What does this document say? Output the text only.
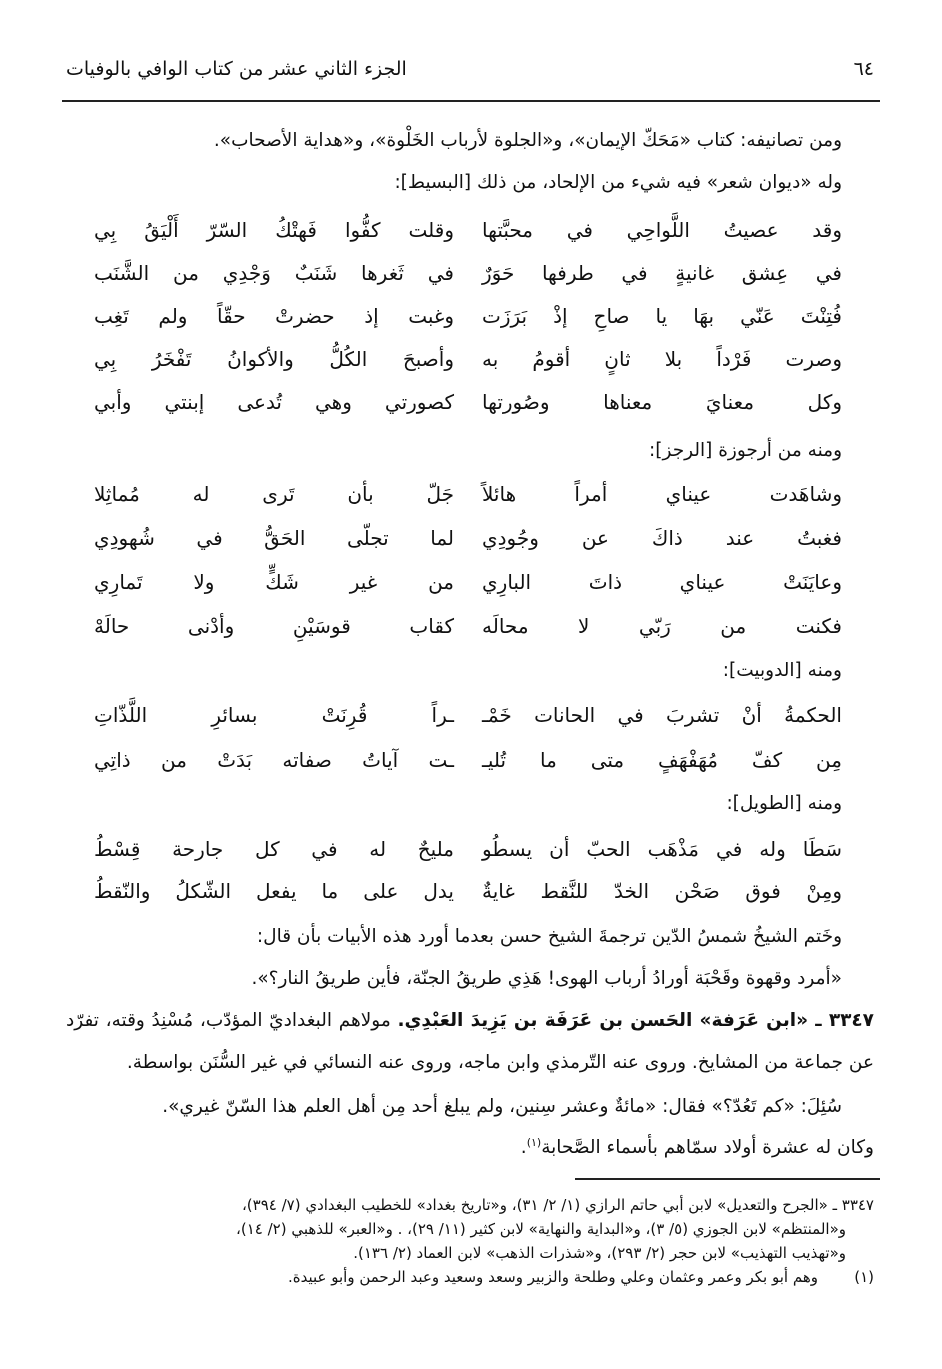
٦٤
الجزء الثاني عشر من كتاب الوافي بالوفيات
ومن تصانيفه: كتاب «مَحَكّ الإيمان»، و«الجلوة لأرباب الخَلْوة»، و«هداية الأصحاب».
وله «ديوان شعر» فيه شيء من الإلحاد، من ذلك [البسيط]:
وقد عصيتُ اللَّواحِي في محبَّتها
وقلت كفُّوا فَهتْكُ السّرّ أَلْيَقُ بِي
في عِشق غانيةٍ في طرفها حَوَرٌ
في ثَغرها شَنَبٌ وَجْدِي من الشَّنَب
فُتِنْتَ عَنّي بهَا يا صاحِ إذْ بَرَزَت
وغبت إذ حضرتْ حقّاً ولم تَغِب
وصرت فَرْداً بلا ثانٍ أقومُ به
وأصبحَ الكُلُّ والأكوانُ تَفْخَرُ بِي
وكل معنايَ معناها وصُورتها
كصورتي وهي تُدعى إبنتي وأبي
ومنه من أرجوزة [الرجز]:
وشاهَدت عيناي أمراً هائلاً
جَلّ بأن تَرى له مُماثِلا
فغبتُ عند ذاكَ عن وجُودِي
لما تجلّى الحَقُّ في شُهودِي
وعايَنَتْ عيناي ذاتَ البارِي
من غير شَكٍّ ولا تَمارِي
فكنت من رَبّي لا محالَه
كقاب قوسَيْنِ وأدْنى حالَهْ
ومنه [الدوبيت]:
الحكمةُ أنْ تشربَ في الحانات خَمْـ
ـراً قُرِنَتْ بسائرِ اللَّذّاتِ
مِن كفّ مُهَفْهَفٍ متى ما تُليـ
ـت آياتُ صفاته بَدَتْ من ذاتِي
ومنه [الطويل]:
سَطَا وله في مَذْهَب الحبّ أن يسطُو
مليحٌ له في كل جارحة قِسْطُ
ومِنْ فوق صَحْن الخدّ للنَّقط غايةٌ
يدل على ما يفعل الشّكلُ والنّقطُ
وخَتم الشيخُ شمسُ الدّين ترجمةَ الشيخ حسن بعدما أورد هذه الأبيات بأن قال:
«أمرد وقهوة وقَحْبَة أورادُ أرباب الهوى! هَذِي طريقُ الجنّة، فأين طريقُ النار؟».
٣٣٤٧ ـ «ابن عَرَفة» الحَسن بن عَرَفَة بن يَزِيدَ العَبْدِي. مولاهم البغداديّ المؤدّب، مُسْنِدُ وقته، تفرّد
عن جماعة من المشايخ. وروى عنه التّرمذي وابن ماجه، وروى عنه النسائي في غير السُّنَن بواسطة.
سُئِلَ: «كم تَعُدّ؟» فقال: «مائةٌ وعشر سِنين، ولم يبلغ أحد مِن أهل العلم هذا السّنّ غيري».
وكان له عشرة أولاد سمّاهم بأسماء الصَّحابة$^{(١)}$.
٣٣٤٧ ـ «الجرح والتعديل» لابن أبي حاتم الرازي (١/ ٢/ ٣١)، و«تاريخ بغداد» للخطيب البغدادي (٧/ ٣٩٤)،
و«المنتظم» لابن الجوزي (٥/ ٣)، و«البداية والنهاية» لابن كثير (١١/ ٢٩)، . و«العبر» للذهبي (٢/ ١٤)،
و«تهذيب التهذيب» لابن حجر (٢/ ٢٩٣)، و«شذرات الذهب» لابن العماد (٢/ ١٣٦).
(١)
وهم أبو بكر وعمر وعثمان وعلي وطلحة والزبير وسعد وسعيد وعبد الرحمن وأبو عبيدة.
